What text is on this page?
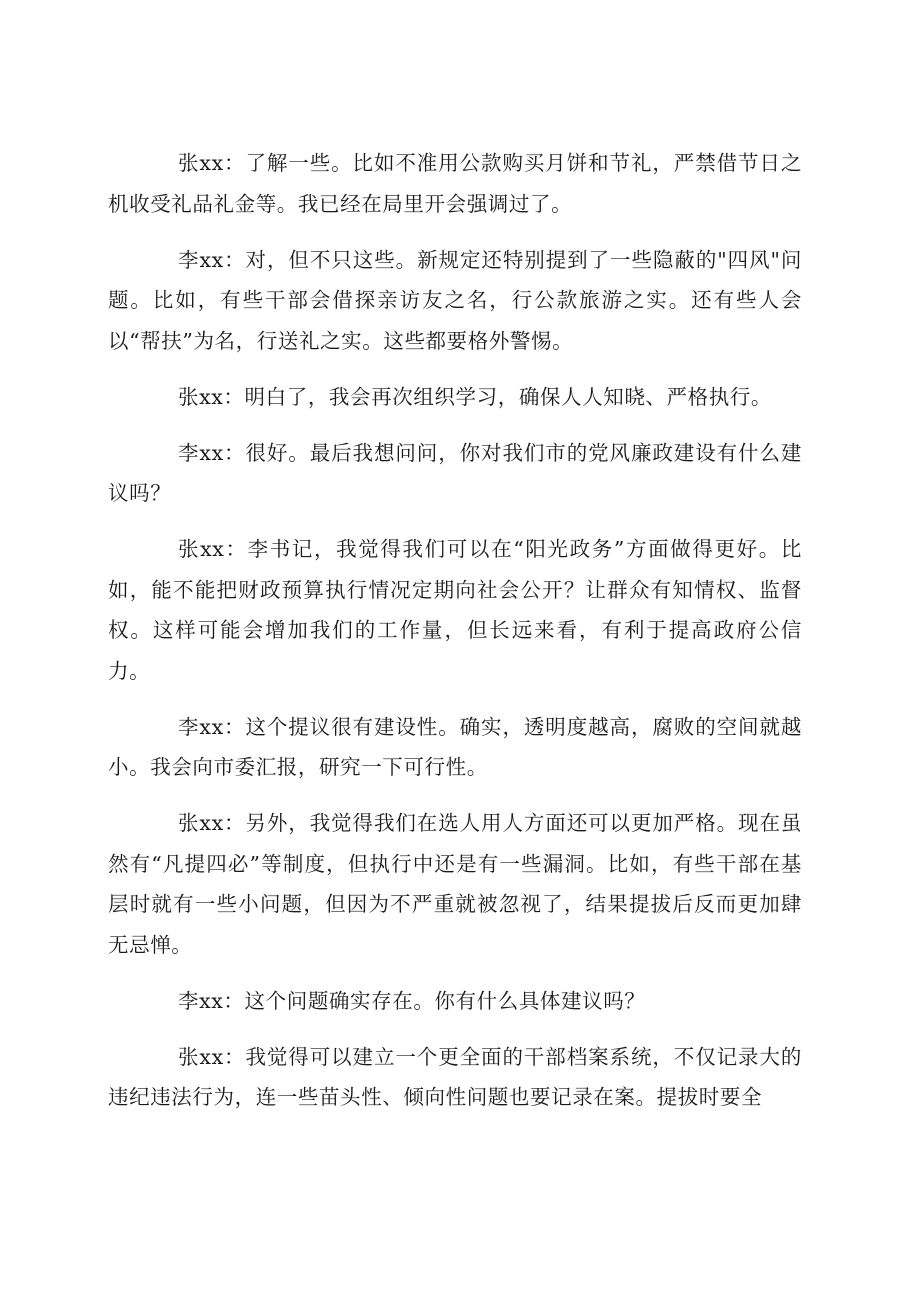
张xx：了解一些。比如不准用公款购买月饼和节礼，严禁借节日之机收受礼品礼金等。我已经在局里开会强调过了。

李xx：对，但不只这些。新规定还特别提到了一些隐蔽的"四风"问题。比如，有些干部会借探亲访友之名，行公款旅游之实。还有些人会以“帮扶”为名，行送礼之实。这些都要格外警惕。

张xx：明白了，我会再次组织学习，确保人人知晓、严格执行。

李xx：很好。最后我想问问，你对我们市的党风廉政建设有什么建议吗？

张xx：李书记，我觉得我们可以在“阳光政务”方面做得更好。比如，能不能把财政预算执行情况定期向社会公开？让群众有知情权、监督权。这样可能会增加我们的工作量，但长远来看，有利于提高政府公信力。

李xx：这个提议很有建设性。确实，透明度越高，腐败的空间就越小。我会向市委汇报，研究一下可行性。

张xx：另外，我觉得我们在选人用人方面还可以更加严格。现在虽然有“凡提四必”等制度，但执行中还是有一些漏洞。比如，有些干部在基层时就有一些小问题，但因为不严重就被忽视了，结果提拔后反而更加肆无忌惮。

李xx：这个问题确实存在。你有什么具体建议吗？

张xx：我觉得可以建立一个更全面的干部档案系统，不仅记录大的违纪违法行为，连一些苗头性、倾向性问题也要记录在案。提拔时要全
